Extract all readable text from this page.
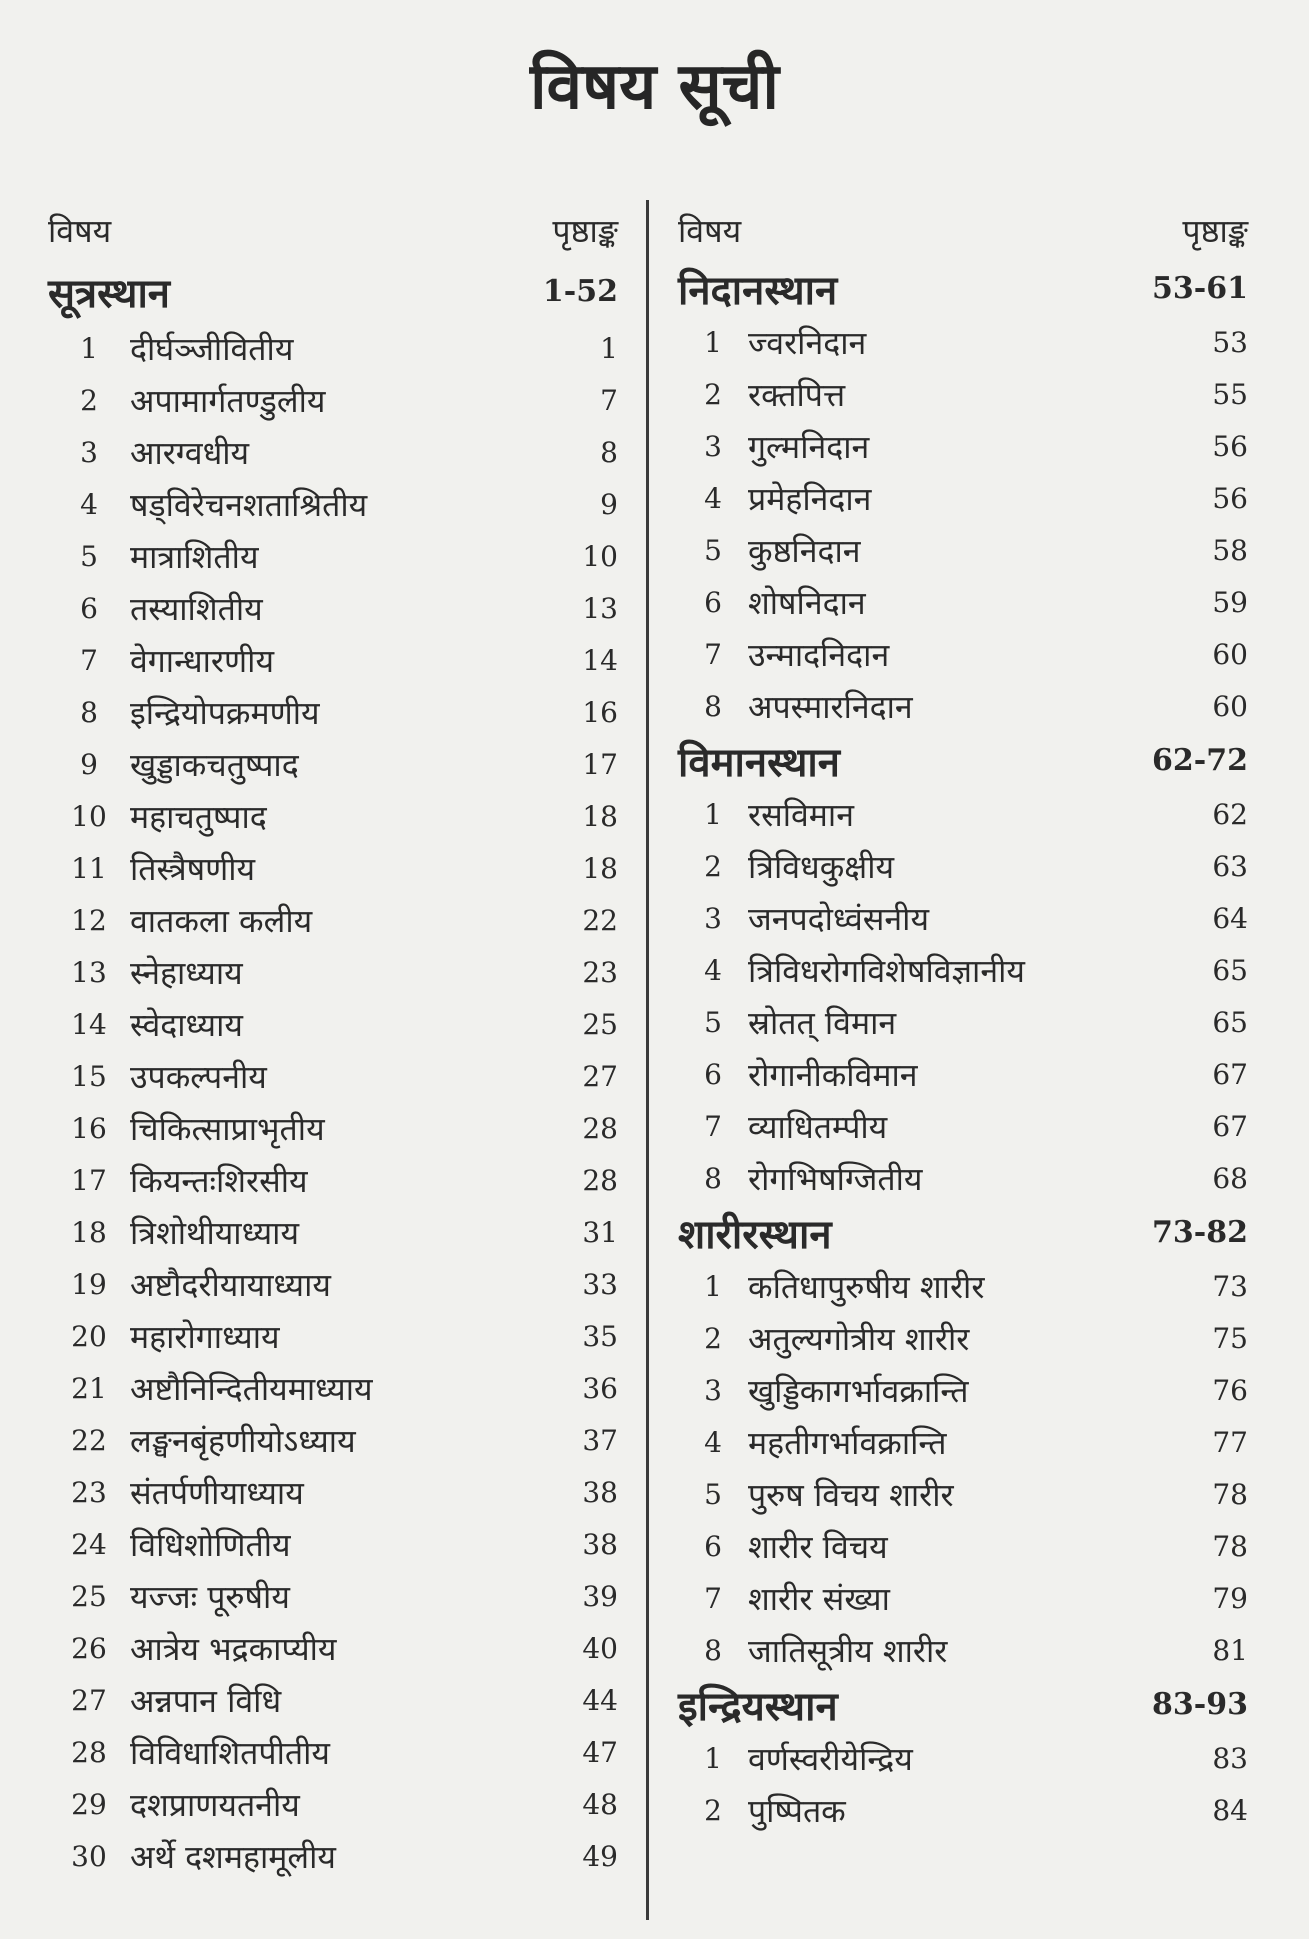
विषय सूची
विषय	पृष्ठाङ्क
सूत्रस्थान	1-52
1	दीर्घञ्जीवितीय	1
2	अपामार्गतण्डुलीय	7
3	आरग्वधीय	8
4	षड्विरेचनशताश्रितीय	9
5	मात्राशितीय	10
6	तस्याशितीय	13
7	वेगान्धारणीय	14
8	इन्द्रियोपक्रमणीय	16
9	खुड्डाकचतुष्पाद	17
10 महाचतुष्पाद	18
11 तिस्त्रैषणीय	18
12 वातकला कलीय	22
13 स्नेहाध्याय	23
14 स्वेदाध्याय	25
15 उपकल्पनीय	27
16 चिकित्साप्राभृतीय	28
17 कियन्तःशिरसीय	28
18 त्रिशोथीयाध्याय	31
19 अष्टौदरीयायाध्याय	33
20 महारोगाध्याय	35
21 अष्टौनिन्दितीयमाध्याय	36
22 लङ्घनबृंहणीयोऽध्याय	37
23 संतर्पणीयाध्याय	38
24 विधिशोणितीय	38
25 यज्जः पूरुषीय	39
26 आत्रेय भद्रकाप्यीय	40
27 अन्नपान विधि	44
28 विविधाशितपीतीय	47
29 दशप्राणयतनीय	48
30 अर्थे दशमहामूलीय	49
विषय	पृष्ठाङ्क
निदानस्थान	53-61
1 ज्वरनिदान	53
2 रक्तपित्त	55
3 गुल्मनिदान	56
4 प्रमेहनिदान	56
5 कुष्ठनिदान	58
6 शोषनिदान	59
7 उन्मादनिदान	60
8 अपस्मारनिदान	60
विमानस्थान	62-72
1 रसविमान	62
2 त्रिविधकुक्षीय	63
3 जनपदोध्वंसनीय	64
4 त्रिविधरोगविशेषविज्ञानीय	65
5 स्रोतत् विमान	65
6 रोगानीकविमान	67
7 व्याधितम्पीय	67
8 रोगभिषग्जितीय	68
शारीरस्थान	73-82
1 कतिधापुरुषीय शारीर	73
2 अतुल्यगोत्रीय शारीर	75
3 खुड्डिकागर्भावक्रान्ति	76
4 महतीगर्भावक्रान्ति	77
5 पुरुष विचय शारीर	78
6 शारीर विचय	78
7 शारीर संख्या	79
8 जातिसूत्रीय शारीर	81
इन्द्रियस्थान	83-93
1 वर्णस्वरीयेन्द्रिय	83
2 पुष्पितक	84
